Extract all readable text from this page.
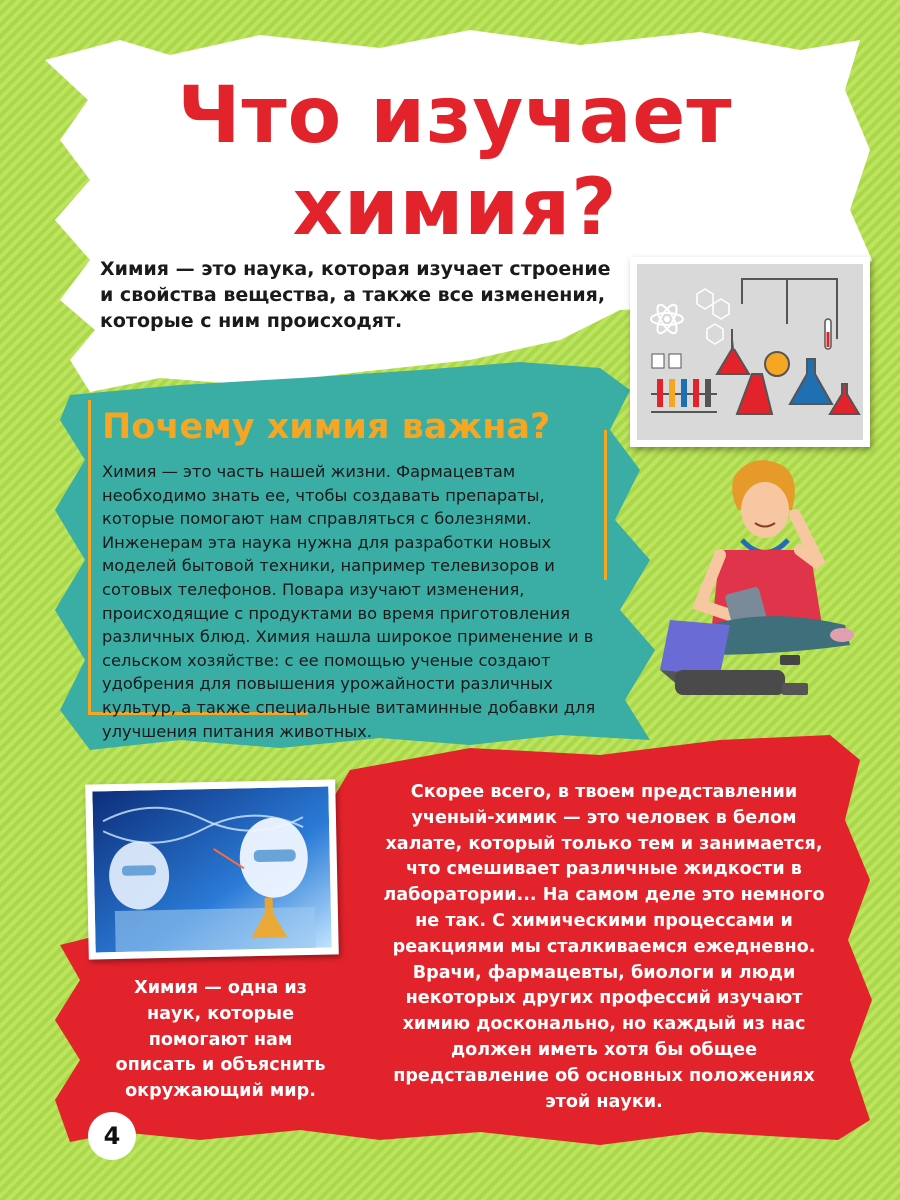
Что изучает
химия?

Химия — это наука, которая изучает строение и свойства вещества, а также все изменения, которые с ним происходят.

Почему химия важна?

Химия — это часть нашей жизни. Фармацевтам необходимо знать ее, чтобы создавать препараты, которые помогают нам справляться с болезнями. Инженерам эта наука нужна для разработки новых моделей бытовой техники, например телевизоров и сотовых телефонов. Повара изучают изменения, происходящие с продуктами во время приготовления различных блюд. Химия нашла широкое применение и в сельском хозяйстве: с ее помощью ученые создают удобрения для повышения урожайности различных культур, а также специальные витаминные добавки для улучшения питания животных.

Скорее всего, в твоем представлении ученый-химик — это человек в белом халате, который только тем и занимается, что смешивает различные жидкости в лаборатории... На самом деле это немного не так. С химическими процессами и реакциями мы сталкиваемся ежедневно. Врачи, фармацевты, биологи и люди некоторых других профессий изучают химию досконально, но каждый из нас должен иметь хотя бы общее представление об основных положениях этой науки.

Химия — одна из наук, которые помогают нам описать и объяснить окружающий мир.

4
